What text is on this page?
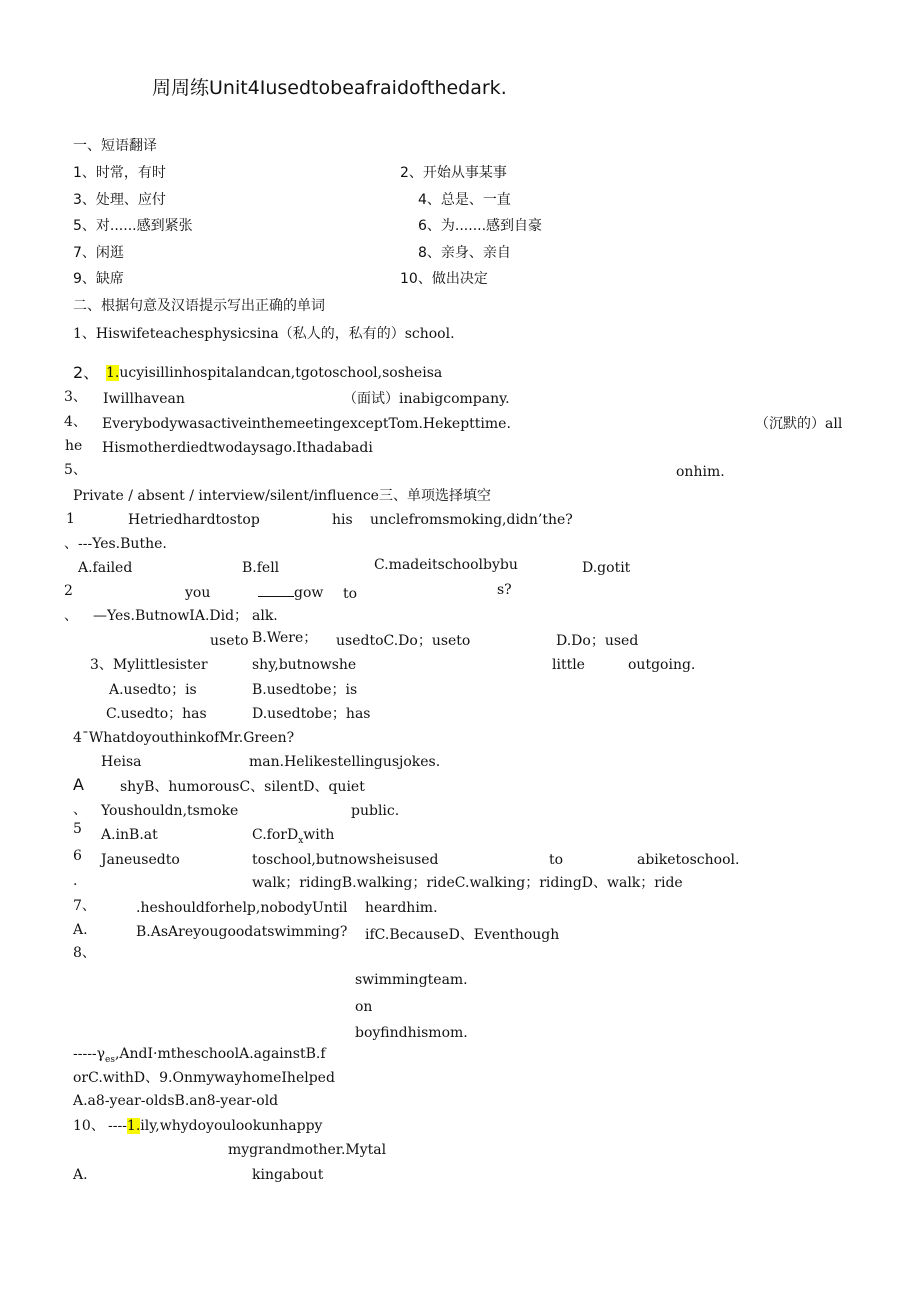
周周练Unit4Iusedtobeafraidofthedark.
一、短语翻译
1、时常，有时	2、开始从事某事
3、处理、应付	4、总是、一直
5、对......感到紧张	6、为.......感到自豪
7、闲逛	8、亲身、亲自
9、缺席	10、做出决定
二、根据句意及汉语提示写出正确的单词
1、Hiswifeteachesphysicsina（私人的，私有的）school.
2、 1.ucyisillinhospitalandcan,tgotoschool,sosheisa
3、 Iwillhavean	（面试）inabigcompany.
4、 EverybodywasactiveinthemeetingexceptTom.Hekepttime.	（沉默的）all
he Hismotherdiedtwodaysago.Ithadabadi
5、	onhim.
Private / absent / interview/silent/influence三、单项选择填空
1	Hetriedhardtostop	his unclefromsmoking,didn’the?
、---Yes.Buthe.
A.failed	B.fell	C.madeitschoolbybu	D.gotit
2	you	gow to	s?
、 —Yes.ButnowIA.Did； alk.
useto B.Were； usedtoC.Do；useto	D.Do；used
3、Mylittlesister	shy,butnowshe	little	outgoing.
A.usedto；is	B.usedtobe；is
C.usedto；has	D.usedtobe；has
4ˉWhatdoyouthinkofMr.Green?
Heisa	man.Helikestellingusjokes.
A	shyB、humorousC、silentD、quiet
、 Youshouldn,tsmoke	public.
5 A.inB.at	C.forD$_x$with
6 Janeusedto	toschool,butnowsheisused	to	abiketoschool.
.	walk；ridingB.walking；rideC.walking；ridingD、walk；ride
7、	.heshouldforhelp,nobodyUntil heardhim.
A.	B.AsAreyougoodatswimming? ifC.BecauseD、Eventhough
8、
swimmingteam.
on
boyfindhismom.
$-----\gamma_{es},AndI\cdot mtheschoolA.againstB.f$
orC.withD、9.OnmywayhomeIhelped
A.a8-year-oldsB.an8-year-old
10、 ----1.ily,whydoyoulookunhappy
mygrandmother.Mytal
A.	kingabout
